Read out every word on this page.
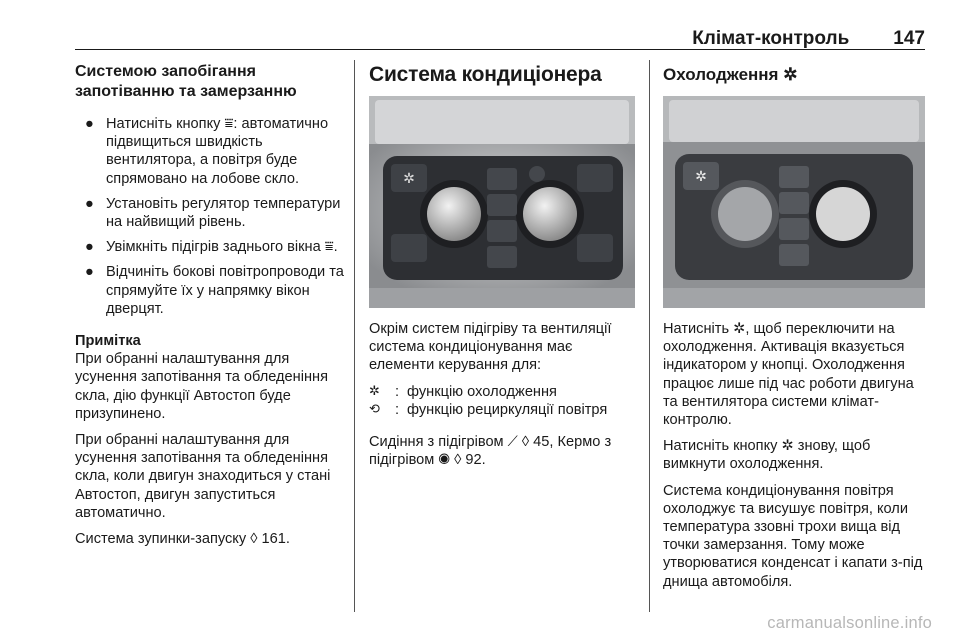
Клімат-контроль 147
Системою запобігання запотіванню та замерзанню
● Натисніть кнопку ⩸: автоматично підвищиться швидкість вентилятора, а повітря буде спрямовано на лобове скло.
● Установіть регулятор температури на найвищий рівень.
● Увімкніть підігрів заднього вікна ⩸.
● Відчиніть бокові повітропроводи та спрямуйте їх у напрямку вікон дверцят.

Примітка

При обранні налаштування для усунення запотівання та обледеніння скла, дію функції Автостоп буде призупинено.

При обранні налаштування для усунення запотівання та обледеніння скла, коли двигун знаходиться у стані Автостоп, двигун запуститься автоматично.

Система зупинки-запуску ◊ 161.

Система кондиціонера
✲

Окрім систем підігріву та вентиляції система кондиціонування має елементи керування для:

✲	: функцію охолодження
⟲	: функцію рециркуляції повітря

Сидіння з підігрівом ⟋ ◊ 45, Кермо з підігрівом ◉ ◊ 92.

Охолодження ✲
✲

Натисніть ✲, щоб переключити на охолодження. Активація вказується індикатором у кнопці. Охолодження працює лише під час роботи двигуна та вентилятора системи клімат-контролю.

Натисніть кнопку ✲ знову, щоб вимкнути охолодження.

Система кондиціонування повітря охолоджує та висушує повітря, коли температура ззовні трохи вища від точки замерзання. Тому може утворюватися конденсат і капати з-під днища автомобіля.

carmanualsonline.info
